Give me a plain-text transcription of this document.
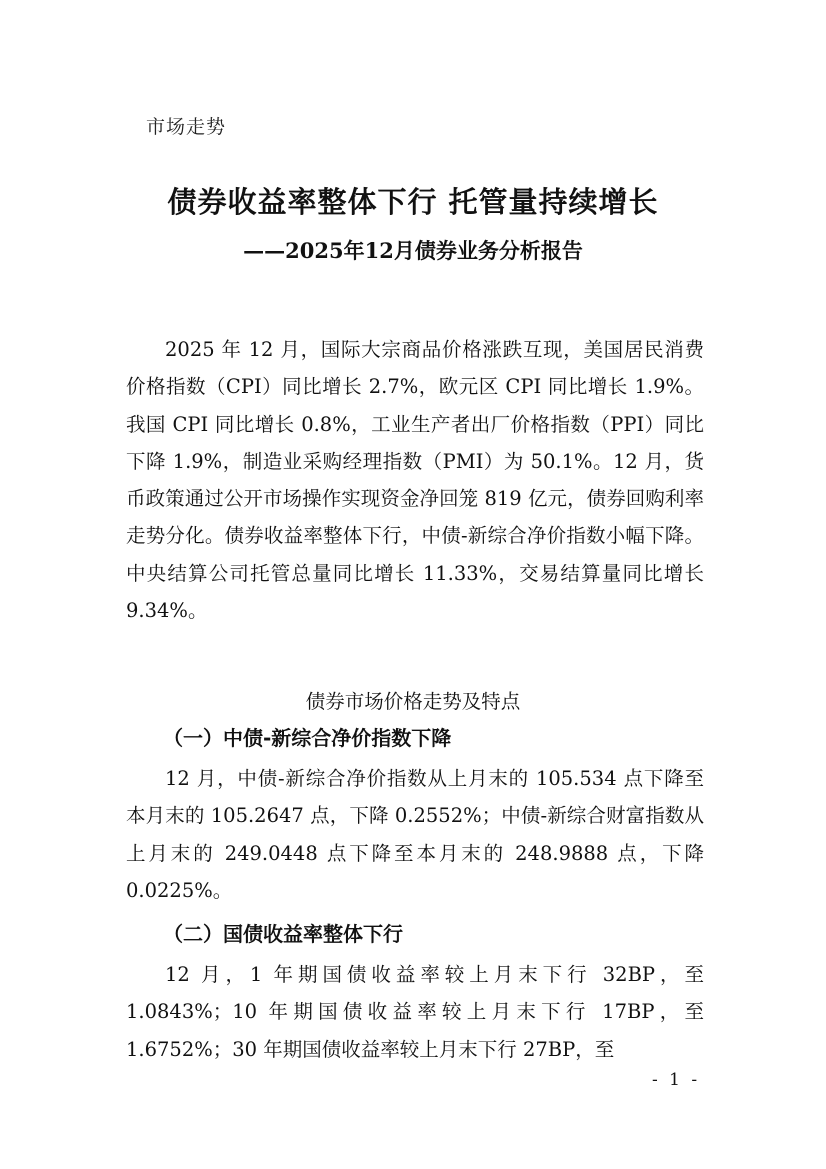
市场走势
债券收益率整体下行 托管量持续增长
——2025年12月债券业务分析报告

2025 年 12 月，国际大宗商品价格涨跌互现，美国居民消费价格指数（CPI）同比增长 2.7%，欧元区 CPI 同比增长 1.9%。我国 CPI 同比增长 0.8%，工业生产者出厂价格指数（PPI）同比下降 1.9%，制造业采购经理指数（PMI）为 50.1%。12 月，货币政策通过公开市场操作实现资金净回笼 819 亿元，债券回购利率走势分化。债券收益率整体下行，中债-新综合净价指数小幅下降。中央结算公司托管总量同比增长 11.33%，交易结算量同比增长 9.34%。

债券市场价格走势及特点
（一）中债-新综合净价指数下降

12 月，中债-新综合净价指数从上月末的 105.534 点下降至本月末的 105.2647 点，下降 0.2552%；中债-新综合财富指数从上月末的 249.0448 点下降至本月末的 248.9888 点，下降 0.0225%。

（二）国债收益率整体下行

12 月，1 年期国债收益率较上月末下行 32BP，至 1.0843%；10 年期国债收益率较上月末下行 17BP，至 1.6752%；30 年期国债收益率较上月末下行 27BP，至

- 1 -
